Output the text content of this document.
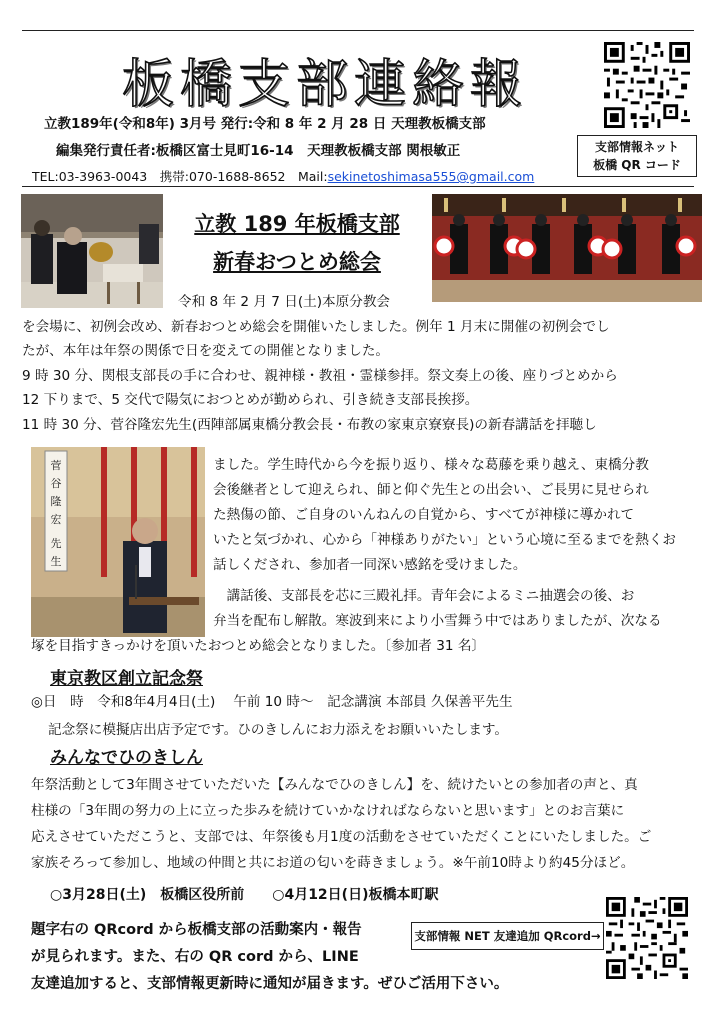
板橋支部連絡報
立教189年(令和8年) 3月号 発行:令和 8 年 2 月 28 日 天理教板橋支部
編集発行責任者:板橋区富士見町16-14　天理教板橋支部 関根敏正
TEL:03-3963-0043　携帯:070-1688-8652　Mail:sekinetoshimasa555@gmail.com
支部情報ネット
板橋 QR コード
立教 189 年板橋支部
新春おつとめ総会
令和 8 年 2 月 7 日(土)本原分教会
を会場に、初例会改め、新春おつとめ総会を開催いたしました。例年 1 月末に開催の初例会でし
たが、本年は年祭の関係で日を変えての開催となりました。
9 時 30 分、関根支部長の手に合わせ、親神様・教祖・霊様参拝。祭文奏上の後、座りづとめから
12 下りまで、5 交代で陽気におつとめが勤められ、引き続き支部長挨拶。
11 時 30 分、菅谷隆宏先生(西陣部属東橋分教会長・布教の家東京寮寮長)の新春講話を拝聴し
菅
谷
隆
宏
先
生
ました。学生時代から今を振り返り、様々な葛藤を乗り越え、東橋分教
会後継者として迎えられ、師と仰ぐ先生との出会い、ご長男に見せられ
た熱傷の節、ご自身のいんねんの自覚から、すべてが神様に導かれて
いたと気づかれ、心から「神様ありがたい」という心境に至るまでを熱くお
話しくだされ、参加者一同深い感銘を受けました。
　講話後、支部長を芯に三殿礼拝。青年会によるミニ抽選会の後、お
弁当を配布し解散。寒波到来により小雪舞う中ではありましたが、次なる
塚を目指すきっかけを頂いたおつとめ総会となりました。〔参加者 31 名〕
東京教区創立記念祭
◎日　時　令和8年4月4日(土)　 午前 10 時～　記念講演 本部員 久保善平先生
記念祭に模擬店出店予定です。ひのきしんにお力添えをお願いいたします。
みんなでひのきしん
年祭活動として3年間させていただいた【みんなでひのきしん】を、続けたいとの参加者の声と、真
柱様の「3年間の努力の上に立った歩みを続けていかなければならないと思います」とのお言葉に
応えさせていただこうと、支部では、年祭後も月1度の活動をさせていただくことにいたしました。ご
家族そろって参加し、地域の仲間と共にお道の匂いを蒔きましょう。※午前10時より約45分ほど。
○3月28日(土)　板橋区役所前　　○4月12日(日)板橋本町駅
題字右の QRcord から板橋支部の活動案内・報告
が見られます。また、右の QR cord から、LINE
友達追加すると、支部情報更新時に通知が届きます。ぜひご活用下さい。
支部情報 NET 友達追加 QRcord→
